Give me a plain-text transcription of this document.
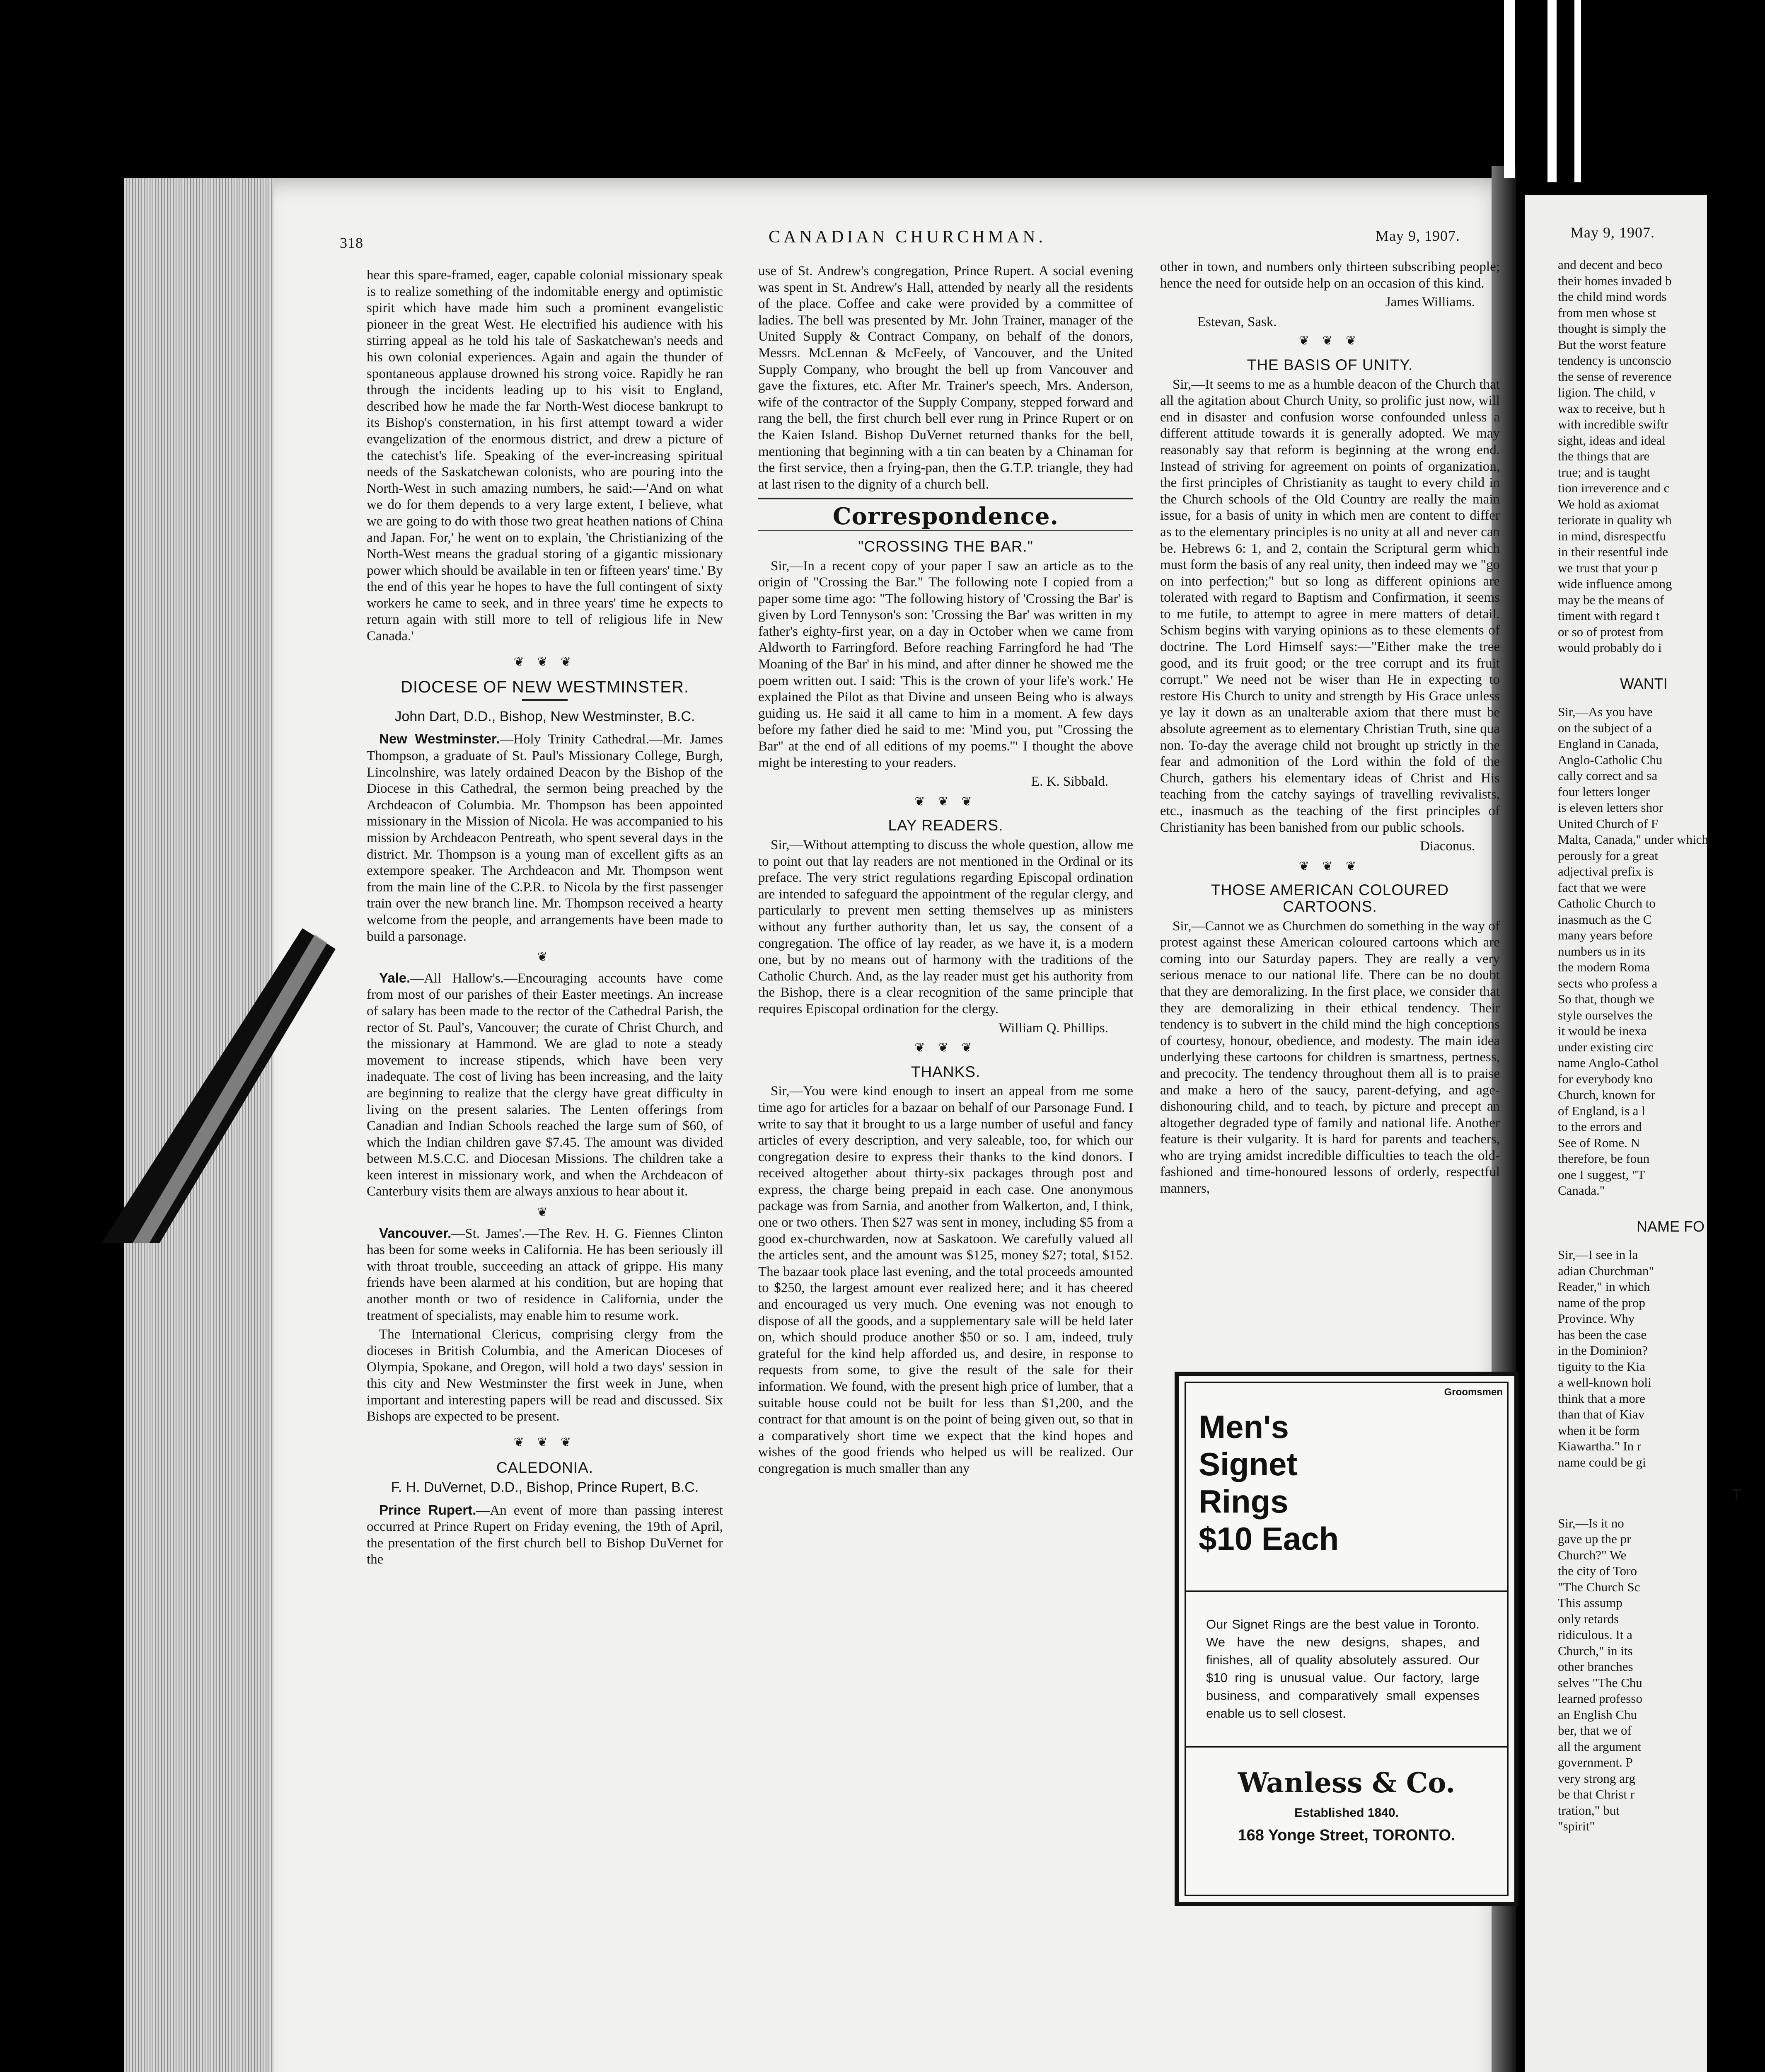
318	CANADIAN CHURCHMAN.	May 9, 1907.

hear this spare-framed, eager, capable colonial missionary speak is to realize something of the indomitable energy and optimistic spirit which have made him such a prominent evangelistic pioneer in the great West. He electrified his audience with his stirring appeal as he told his tale of Saskatchewan's needs and his own colonial experiences. Again and again the thunder of spontaneous applause drowned his strong voice. Rapidly he ran through the incidents leading up to his visit to England, described how he made the far North-West diocese bankrupt to its Bishop's consternation, in his first attempt toward a wider evangelization of the enormous district, and drew a picture of the catechist's life. Speaking of the ever-increasing spiritual needs of the Saskatchewan colonists, who are pouring into the North-West in such amazing numbers, he said:—'And on what we do for them depends to a very large extent, I believe, what we are going to do with those two great heathen nations of China and Japan. For,' he went on to explain, 'the Christianizing of the North-West means the gradual storing of a gigantic missionary power which should be available in ten or fifteen years' time.' By the end of this year he hopes to have the full contingent of sixty workers he came to seek, and in three years' time he expects to return again with still more to tell of religious life in New Canada.'

❦ ❦ ❦
DIOCESE OF NEW WESTMINSTER.
John Dart, D.D., Bishop, New Westminster, B.C.

New Westminster.—Holy Trinity Cathedral.—Mr. James Thompson, a graduate of St. Paul's Missionary College, Burgh, Lincolnshire, was lately ordained Deacon by the Bishop of the Diocese in this Cathedral, the sermon being preached by the Archdeacon of Columbia. Mr. Thompson has been appointed missionary in the Mission of Nicola. He was accompanied to his mission by Archdeacon Pentreath, who spent several days in the district. Mr. Thompson is a young man of excellent gifts as an extempore speaker. The Archdeacon and Mr. Thompson went from the main line of the C.P.R. to Nicola by the first passenger train over the new branch line. Mr. Thompson received a hearty welcome from the people, and arrangements have been made to build a parsonage.

❦

Yale.—All Hallow's.—Encouraging accounts have come from most of our parishes of their Easter meetings. An increase of salary has been made to the rector of the Cathedral Parish, the rector of St. Paul's, Vancouver; the curate of Christ Church, and the missionary at Hammond. We are glad to note a steady movement to increase stipends, which have been very inadequate. The cost of living has been increasing, and the laity are beginning to realize that the clergy have great difficulty in living on the present salaries. The Lenten offerings from Canadian and Indian Schools reached the large sum of $60, of which the Indian children gave $7.45. The amount was divided between M.S.C.C. and Diocesan Missions. The children take a keen interest in missionary work, and when the Archdeacon of Canterbury visits them are always anxious to hear about it.

❦

Vancouver.—St. James'.—The Rev. H. G. Fiennes Clinton has been for some weeks in California. He has been seriously ill with throat trouble, succeeding an attack of grippe. His many friends have been alarmed at his condition, but are hoping that another month or two of residence in California, under the treatment of specialists, may enable him to resume work.

The International Clericus, comprising clergy from the dioceses in British Columbia, and the American Dioceses of Olympia, Spokane, and Oregon, will hold a two days' session in this city and New Westminster the first week in June, when important and interesting papers will be read and discussed. Six Bishops are expected to be present.

❦ ❦ ❦
CALEDONIA.
F. H. DuVernet, D.D., Bishop, Prince Rupert, B.C.

Prince Rupert.—An event of more than passing interest occurred at Prince Rupert on Friday evening, the 19th of April, the presentation of the first church bell to Bishop DuVernet for the

use of St. Andrew's congregation, Prince Rupert. A social evening was spent in St. Andrew's Hall, attended by nearly all the residents of the place. Coffee and cake were provided by a committee of ladies. The bell was presented by Mr. John Trainer, manager of the United Supply & Contract Company, on behalf of the donors, Messrs. McLennan & McFeely, of Vancouver, and the United Supply Company, who brought the bell up from Vancouver and gave the fixtures, etc. After Mr. Trainer's speech, Mrs. Anderson, wife of the contractor of the Supply Company, stepped forward and rang the bell, the first church bell ever rung in Prince Rupert or on the Kaien Island. Bishop DuVernet returned thanks for the bell, mentioning that beginning with a tin can beaten by a Chinaman for the first service, then a frying-pan, then the G.T.P. triangle, they had at last risen to the dignity of a church bell.

Correspondence.
"CROSSING THE BAR."

Sir,—In a recent copy of your paper I saw an article as to the origin of "Crossing the Bar." The following note I copied from a paper some time ago: "The following history of 'Crossing the Bar' is given by Lord Tennyson's son: 'Crossing the Bar' was written in my father's eighty-first year, on a day in October when we came from Aldworth to Farringford. Before reaching Farringford he had 'The Moaning of the Bar' in his mind, and after dinner he showed me the poem written out. I said: 'This is the crown of your life's work.' He explained the Pilot as that Divine and unseen Being who is always guiding us. He said it all came to him in a moment. A few days before my father died he said to me: 'Mind you, put "Crossing the Bar" at the end of all editions of my poems.'" I thought the above might be interesting to your readers.

E. K. Sibbald.
❦ ❦ ❦
LAY READERS.

Sir,—Without attempting to discuss the whole question, allow me to point out that lay readers are not mentioned in the Ordinal or its preface. The very strict regulations regarding Episcopal ordination are intended to safeguard the appointment of the regular clergy, and particularly to prevent men setting themselves up as ministers without any further authority than, let us say, the consent of a congregation. The office of lay reader, as we have it, is a modern one, but by no means out of harmony with the traditions of the Catholic Church. And, as the lay reader must get his authority from the Bishop, there is a clear recognition of the same principle that requires Episcopal ordination for the clergy.

William Q. Phillips.
❦ ❦ ❦
THANKS.

Sir,—You were kind enough to insert an appeal from me some time ago for articles for a bazaar on behalf of our Parsonage Fund. I write to say that it brought to us a large number of useful and fancy articles of every description, and very saleable, too, for which our congregation desire to express their thanks to the kind donors. I received altogether about thirty-six packages through post and express, the charge being prepaid in each case. One anonymous package was from Sarnia, and another from Walkerton, and, I think, one or two others. Then $27 was sent in money, including $5 from a good ex-churchwarden, now at Saskatoon. We carefully valued all the articles sent, and the amount was $125, money $27; total, $152. The bazaar took place last evening, and the total proceeds amounted to $250, the largest amount ever realized here; and it has cheered and encouraged us very much. One evening was not enough to dispose of all the goods, and a supplementary sale will be held later on, which should produce another $50 or so. I am, indeed, truly grateful for the kind help afforded us, and desire, in response to requests from some, to give the result of the sale for their information. We found, with the present high price of lumber, that a suitable house could not be built for less than $1,200, and the contract for that amount is on the point of being given out, so that in a comparatively short time we expect that the kind hopes and wishes of the good friends who helped us will be realized. Our congregation is much smaller than any

other in town, and numbers only thirteen subscribing people; hence the need for outside help on an occasion of this kind.

James Williams.

Estevan, Sask.

❦ ❦ ❦
THE BASIS OF UNITY.

Sir,—It seems to me as a humble deacon of the Church that all the agitation about Church Unity, so prolific just now, will end in disaster and confusion worse confounded unless a different attitude towards it is generally adopted. We may reasonably say that reform is beginning at the wrong end. Instead of striving for agreement on points of organization, the first principles of Christianity as taught to every child in the Church schools of the Old Country are really the main issue, for a basis of unity in which men are content to differ as to the elementary principles is no unity at all and never can be. Hebrews 6: 1, and 2, contain the Scriptural germ which must form the basis of any real unity, then indeed may we "go on into perfection;" but so long as different opinions are tolerated with regard to Baptism and Confirmation, it seems to me futile, to attempt to agree in mere matters of detail. Schism begins with varying opinions as to these elements of doctrine. The Lord Himself says:—"Either make the tree good, and its fruit good; or the tree corrupt and its fruit corrupt." We need not be wiser than He in expecting to restore His Church to unity and strength by His Grace unless ye lay it down as an unalterable axiom that there must be absolute agreement as to elementary Christian Truth, sine qua non. To-day the average child not brought up strictly in the fear and admonition of the Lord within the fold of the Church, gathers his elementary ideas of Christ and His teaching from the catchy sayings of travelling revivalists, etc., inasmuch as the teaching of the first principles of Christianity has been banished from our public schools.

Diaconus.
❦ ❦ ❦
THOSE AMERICAN COLOURED
CARTOONS.

Sir,—Cannot we as Churchmen do something in the way of protest against these American coloured cartoons which are coming into our Saturday papers. They are really a very serious menace to our national life. There can be no doubt that they are demoralizing. In the first place, we consider that they are demoralizing in their ethical tendency. Their tendency is to subvert in the child mind the high conceptions of courtesy, honour, obedience, and modesty. The main idea underlying these cartoons for children is smartness, pertness, and precocity. The tendency throughout them all is to praise and make a hero of the saucy, parent-defying, and age-dishonouring child, and to teach, by picture and precept an altogether degraded type of family and national life. Another feature is their vulgarity. It is hard for parents and teachers, who are trying amidst incredible difficulties to teach the old-fashioned and time-honoured lessons of orderly, respectful manners,

Groomsmen
Men's
Signet
Rings
$10 Each
Our Signet Rings are the best value in Toronto. We have the new designs, shapes, and finishes, all of quality absolutely assured. Our $10 ring is unusual value. Our factory, large business, and comparatively small expenses enable us to sell closest.
Wanless & Co.
Established 1840.
168 Yonge Street, TORONTO.
May 9, 1907.

and decent and beco

their homes invaded b

the child mind words

from men whose st

thought is simply the

But the worst feature

tendency is unconscio

the sense of reverence

ligion. The child, v

wax to receive, but h

with incredible swiftr

sight, ideas and ideal

the things that are

true; and is taught

tion irreverence and c

We hold as axiomat

teriorate in quality wh

in mind, disrespectfu

in their resentful inde

we trust that your p

wide influence among

may be the means of

timent with regard t

or so of protest from

would probably do i

WANTI

Sir,—As you have

on the subject of a

England in Canada,

Anglo-Catholic Chu

cally correct and sa

four letters longer

is eleven letters shor

United Church of F

Malta, Canada," under which

perously for a great

adjectival prefix is

fact that we were

Catholic Church to

inasmuch as the C

many years before

numbers us in its

the modern Roma

sects who profess a

So that, though we

style ourselves the

it would be inexa

under existing circ

name Anglo-Cathol

for everybody kno

Church, known for

of England, is a l

to the errors and

See of Rome. N

therefore, be foun

one I suggest, "T

Canada."

NAME FO

Sir,—I see in la

adian Churchman"

Reader," in which

name of the prop

Province. Why

has been the case

in the Dominion?

tiguity to the Kia

a well-known holi

think that a more

than that of Kiav

when it be form

Kiawartha." In r

name could be gi

T

Sir,—Is it no

gave up the pr

Church?" We

the city of Toro

"The Church Sc

This assump

only retards

ridiculous. It a

Church," in its

other branches

selves "The Chu

learned professo

an English Chu

ber, that we of

all the argument

government. P

very strong arg

be that Christ r

tration," but

"spirit"
